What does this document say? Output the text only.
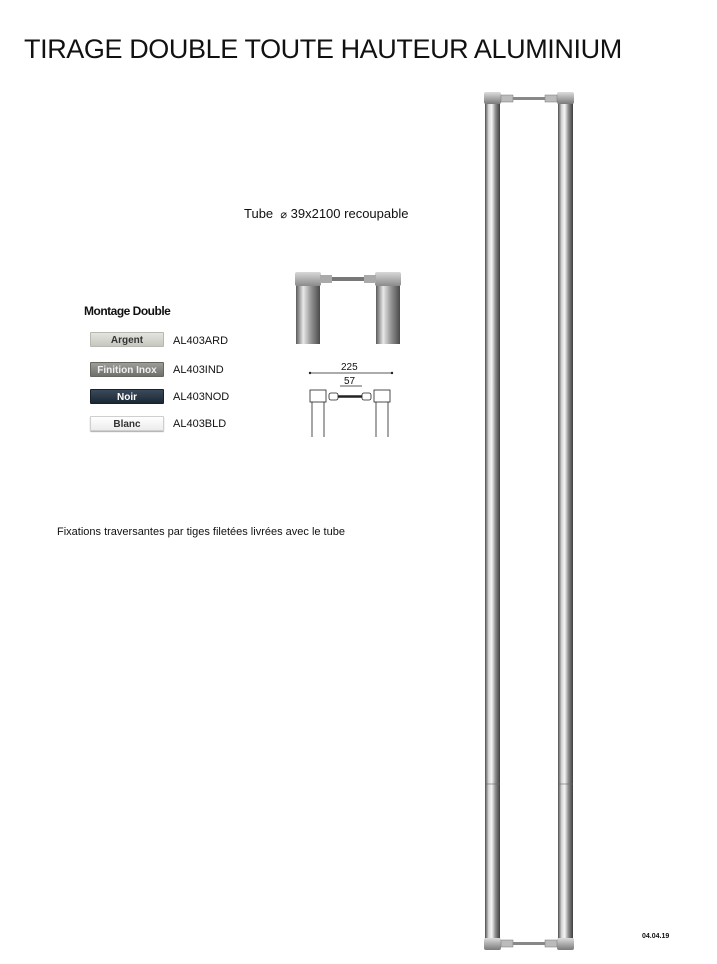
TIRAGE DOUBLE TOUTE HAUTEUR ALUMINIUM
Tube ⌀ 39x2100 recoupable
225
57
Montage Double
Argent
Finition Inox
Noir
Blanc
AL403ARD
AL403IND
AL403NOD
AL403BLD
Fixations traversantes par tiges filetées livrées avec le tube
04.04.19
